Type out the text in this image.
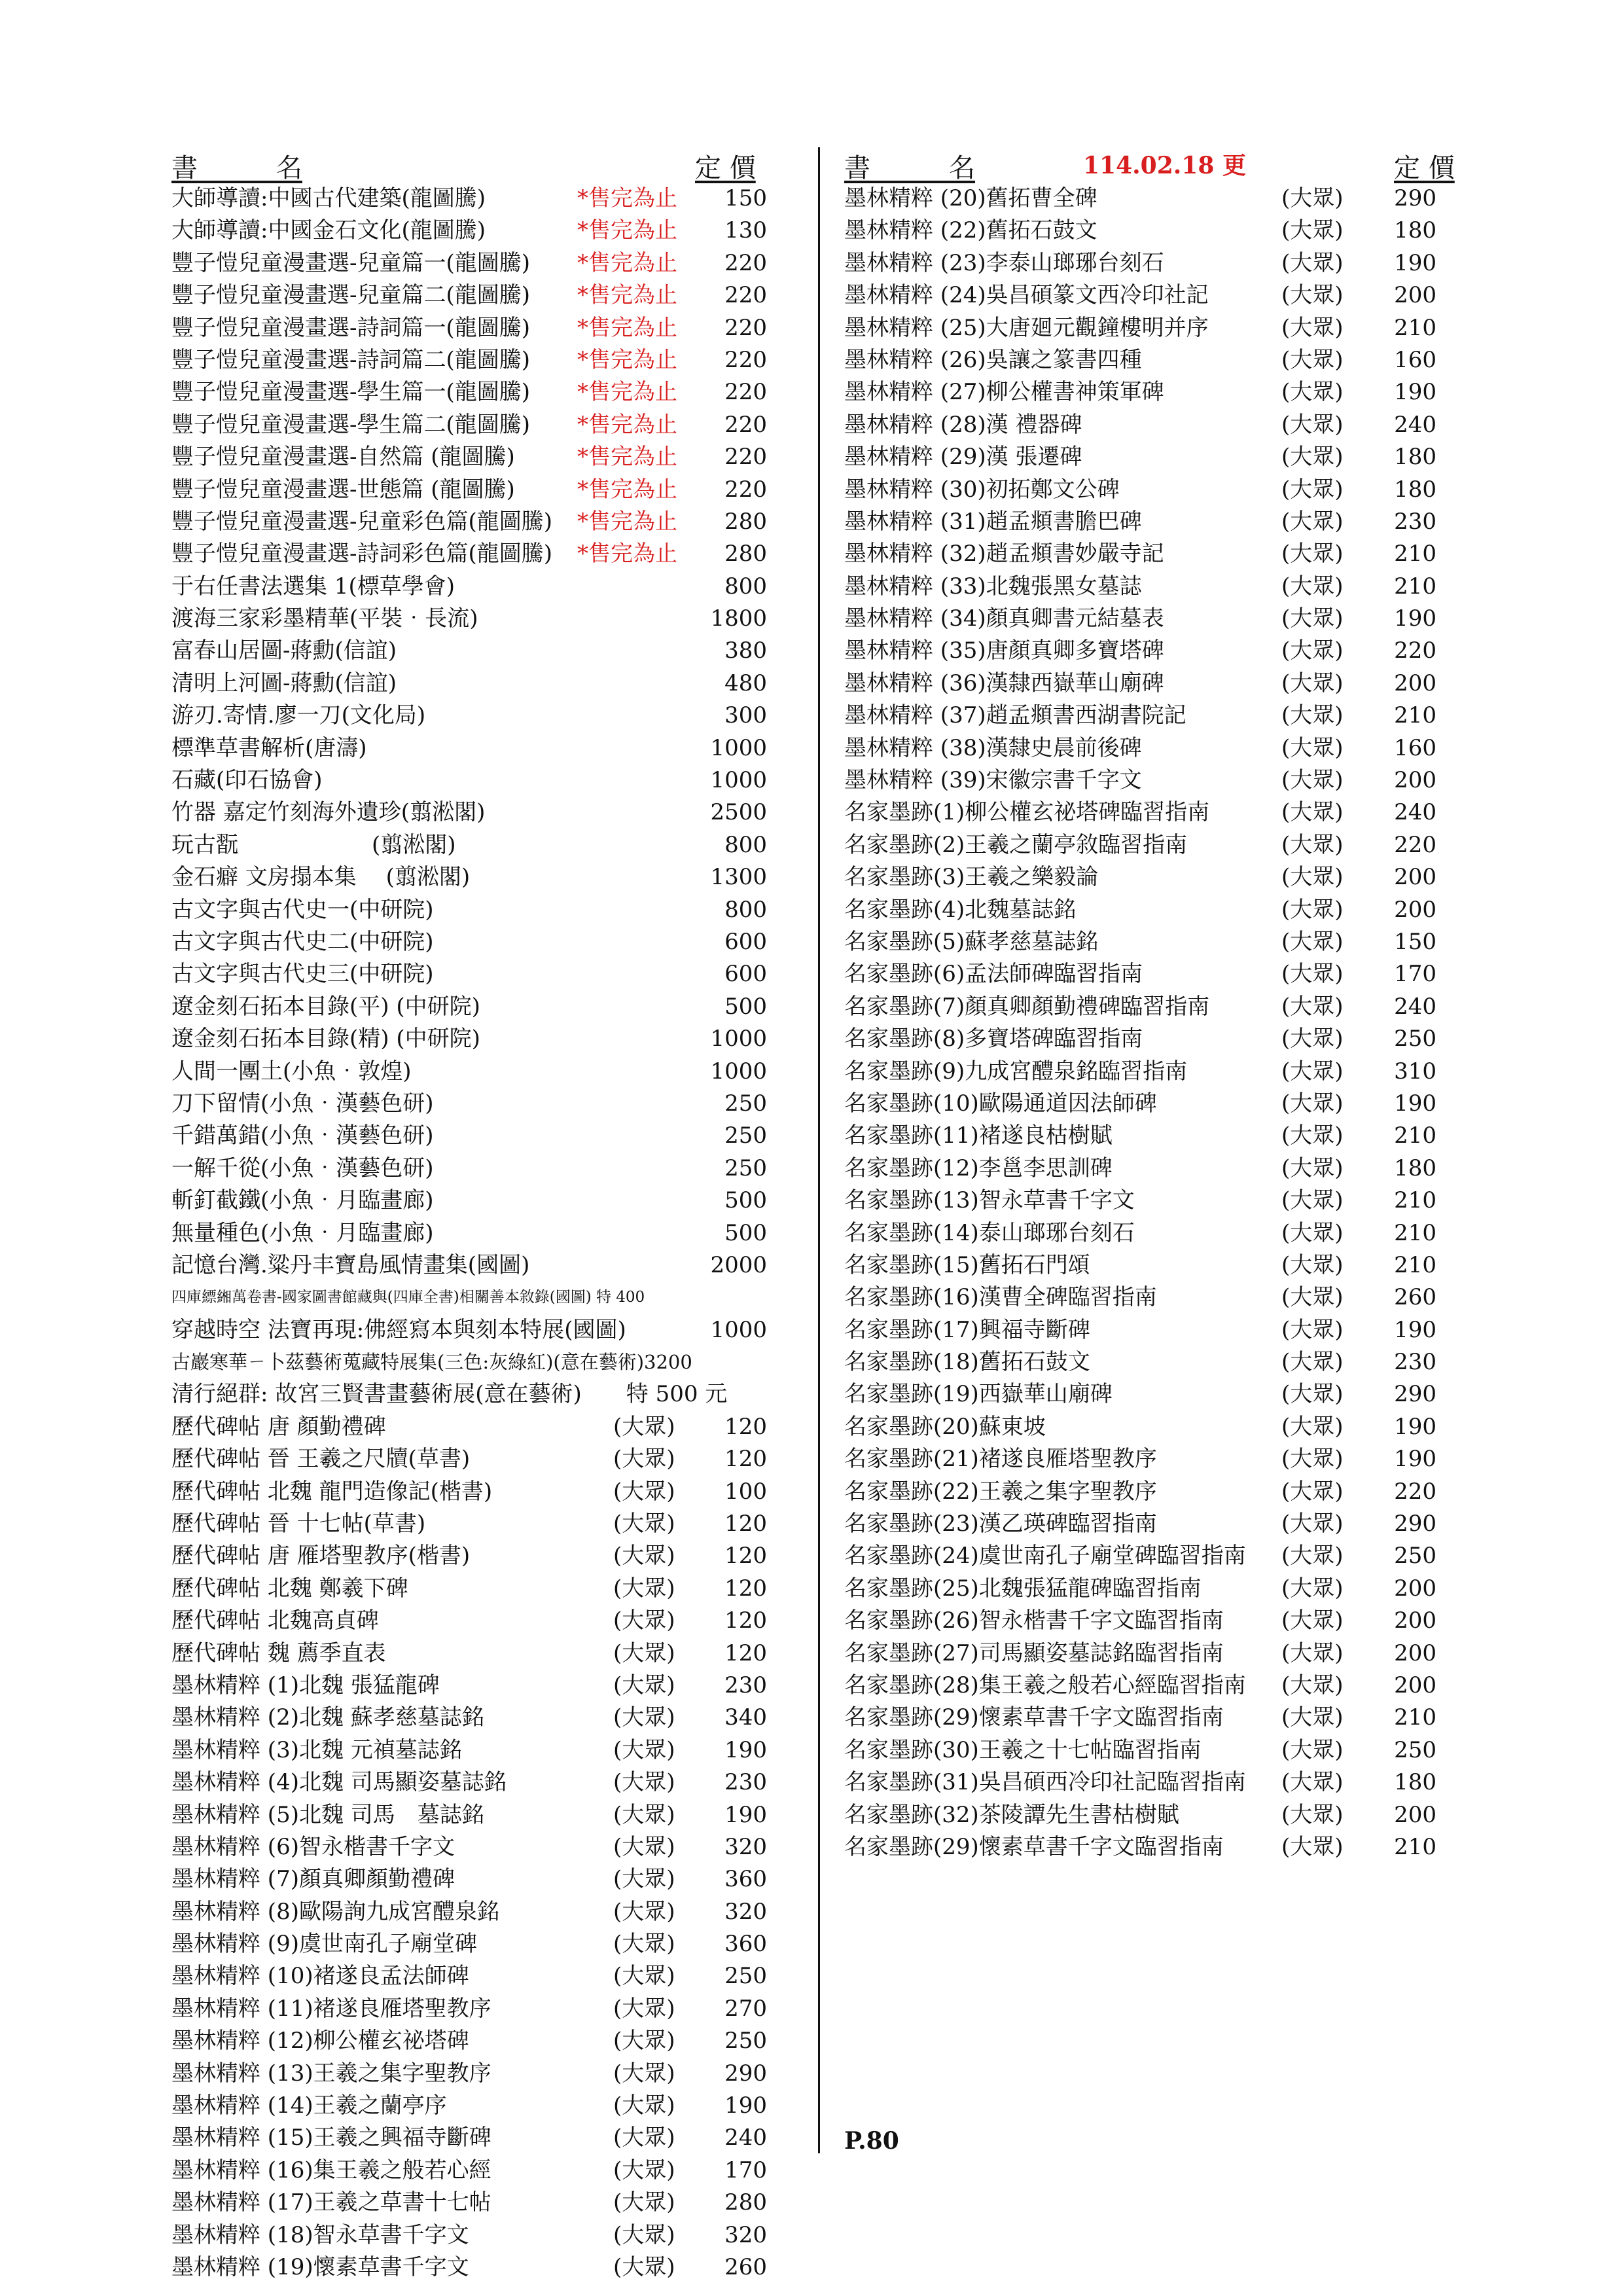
書　　　名	定 價
大師導讀:中國古代建築(龍圖騰)	*售完為止 150
大師導讀:中國金石文化(龍圖騰)	*售完為止 130
豐子愷兒童漫畫選-兒童篇一(龍圖騰) *售完為止 220
豐子愷兒童漫畫選-兒童篇二(龍圖騰) *售完為止 220
豐子愷兒童漫畫選-詩詞篇一(龍圖騰) *售完為止 220
豐子愷兒童漫畫選-詩詞篇二(龍圖騰) *售完為止 220
豐子愷兒童漫畫選-學生篇一(龍圖騰) *售完為止 220
豐子愷兒童漫畫選-學生篇二(龍圖騰) *售完為止 220
豐子愷兒童漫畫選-自然篇 (龍圖騰)	*售完為止 220
豐子愷兒童漫畫選-世態篇 (龍圖騰)	*售完為止 220
豐子愷兒童漫畫選-兒童彩色篇(龍圖騰) *售完為止 280
豐子愷兒童漫畫選-詩詞彩色篇(龍圖騰) *售完為止 280
于右任書法選集 1(標草學會)	800
渡海三家彩墨精華(平裝‧長流)	1800
富春山居圖-蔣勳(信誼)	380
清明上河圖-蔣勳(信誼)	480
游刃.寄情.廖一刀(文化局)	300
標準草書解析(唐濤)	1000
石藏(印石協會)	1000
竹器 嘉定竹刻海外遺珍(翦淞閣)	2500
玩古翫　　　　　　(翦淞閣)	800
金石癖 文房搨本集 　(翦淞閣)	1300
古文字與古代史一(中研院)	800
古文字與古代史二(中研院)	600
古文字與古代史三(中研院)	600
遼金刻石拓本目錄(平) (中研院)	500
遼金刻石拓本目錄(精) (中研院)	1000
人間一團土(小魚‧敦煌)	1000
刀下留情(小魚‧漢藝色研)	250
千錯萬錯(小魚‧漢藝色研)	250
一解千從(小魚‧漢藝色研)	250
斬釘截鐵(小魚‧月臨畫廊)	500
無量種色(小魚‧月臨畫廊)	500
記憶台灣.粱丹丰寶島風情畫集(國圖)	2000
四庫縹緗萬卷書-國家圖書館藏與(四庫全書)相關善本敘錄(國圖) 特 400
穿越時空 法寶再現:佛經寫本與刻本特展(國圖)	1000
古巖寒華ㄧ卜茲藝術蒐藏特展集(三色:灰綠紅)(意在藝術)3200
清行絕群: 故宮三賢書畫藝術展(意在藝術)　　特 500 元
歷代碑帖 唐 顏勤禮碑	(大眾) 120
歷代碑帖 晉 王羲之尺牘(草書)	(大眾) 120
歷代碑帖 北魏 龍門造像記(楷書)	(大眾) 100
歷代碑帖 晉 十七帖(草書)	(大眾) 120
歷代碑帖 唐 雁塔聖教序(楷書)	(大眾) 120
歷代碑帖 北魏 鄭羲下碑	(大眾) 120
歷代碑帖 北魏高貞碑	(大眾) 120
歷代碑帖 魏 薦季直表	(大眾) 120
墨林精粹 (1)北魏 張猛龍碑	(大眾) 230
墨林精粹 (2)北魏 蘇孝慈墓誌銘	(大眾) 340
墨林精粹 (3)北魏 元禎墓誌銘	(大眾) 190
墨林精粹 (4)北魏 司馬顯姿墓誌銘	(大眾) 230
墨林精粹 (5)北魏 司馬　墓誌銘	(大眾) 190
墨林精粹 (6)智永楷書千字文	(大眾) 320
墨林精粹 (7)顏真卿顏勤禮碑	(大眾) 360
墨林精粹 (8)歐陽詢九成宮醴泉銘	(大眾) 320
墨林精粹 (9)虞世南孔子廟堂碑	(大眾) 360
墨林精粹 (10)褚遂良孟法師碑	(大眾) 250
墨林精粹 (11)褚遂良雁塔聖教序	(大眾) 270
墨林精粹 (12)柳公權玄祕塔碑	(大眾) 250
墨林精粹 (13)王羲之集字聖教序	(大眾) 290
墨林精粹 (14)王羲之蘭亭序	(大眾) 190
墨林精粹 (15)王羲之興福寺斷碑	(大眾) 240
墨林精粹 (16)集王羲之般若心經	(大眾) 170
墨林精粹 (17)王羲之草書十七帖	(大眾) 280
墨林精粹 (18)智永草書千字文	(大眾) 320
墨林精粹 (19)懷素草書千字文	(大眾) 260
書　　　名	114.02.18 更	定 價
墨林精粹 (20)舊拓曹全碑	(大眾) 290
墨林精粹 (22)舊拓石鼓文	(大眾) 180
墨林精粹 (23)李泰山瑯琊台刻石	(大眾) 190
墨林精粹 (24)吳昌碩篆文西冷印社記	(大眾) 200
墨林精粹 (25)大唐廻元觀鐘樓明并序	(大眾) 210
墨林精粹 (26)吳讓之篆書四種	(大眾) 160
墨林精粹 (27)柳公權書神策軍碑	(大眾) 190
墨林精粹 (28)漢 禮器碑	(大眾) 240
墨林精粹 (29)漢 張遷碑	(大眾) 180
墨林精粹 (30)初拓鄭文公碑	(大眾) 180
墨林精粹 (31)趙孟頫書膽巴碑	(大眾) 230
墨林精粹 (32)趙孟頫書妙嚴寺記	(大眾) 210
墨林精粹 (33)北魏張黑女墓誌	(大眾) 210
墨林精粹 (34)顏真卿書元結墓表	(大眾) 190
墨林精粹 (35)唐顏真卿多寶塔碑	(大眾) 220
墨林精粹 (36)漢隸西嶽華山廟碑	(大眾) 200
墨林精粹 (37)趙孟頫書西湖書院記	(大眾) 210
墨林精粹 (38)漢隸史晨前後碑	(大眾) 160
墨林精粹 (39)宋徽宗書千字文	(大眾) 200
名家墨跡(1)柳公權玄祕塔碑臨習指南	(大眾) 240
名家墨跡(2)王羲之蘭亭敘臨習指南	(大眾) 220
名家墨跡(3)王羲之樂毅論	(大眾) 200
名家墨跡(4)北魏墓誌銘	(大眾) 200
名家墨跡(5)蘇孝慈墓誌銘	(大眾) 150
名家墨跡(6)孟法師碑臨習指南	(大眾) 170
名家墨跡(7)顏真卿顏勤禮碑臨習指南	(大眾) 240
名家墨跡(8)多寶塔碑臨習指南	(大眾) 250
名家墨跡(9)九成宮醴泉銘臨習指南	(大眾) 310
名家墨跡(10)歐陽通道因法師碑	(大眾) 190
名家墨跡(11)褚遂良枯樹賦	(大眾) 210
名家墨跡(12)李邕李思訓碑	(大眾) 180
名家墨跡(13)智永草書千字文	(大眾) 210
名家墨跡(14)泰山瑯琊台刻石	(大眾) 210
名家墨跡(15)舊拓石門頌	(大眾) 210
名家墨跡(16)漢曹全碑臨習指南	(大眾) 260
名家墨跡(17)興福寺斷碑	(大眾) 190
名家墨跡(18)舊拓石鼓文	(大眾) 230
名家墨跡(19)西嶽華山廟碑	(大眾) 290
名家墨跡(20)蘇東坡	(大眾) 190
名家墨跡(21)褚遂良雁塔聖教序	(大眾) 190
名家墨跡(22)王羲之集字聖教序	(大眾) 220
名家墨跡(23)漢乙瑛碑臨習指南	(大眾) 290
名家墨跡(24)虞世南孔子廟堂碑臨習指南 (大眾) 250
名家墨跡(25)北魏張猛龍碑臨習指南	(大眾) 200
名家墨跡(26)智永楷書千字文臨習指南	(大眾) 200
名家墨跡(27)司馬顯姿墓誌銘臨習指南	(大眾) 200
名家墨跡(28)集王羲之般若心經臨習指南 (大眾) 200
名家墨跡(29)懷素草書千字文臨習指南	(大眾) 210
名家墨跡(30)王羲之十七帖臨習指南	(大眾) 250
名家墨跡(31)吳昌碩西冷印社記臨習指南 (大眾) 180
名家墨跡(32)茶陵譚先生書枯樹賦	(大眾) 200
名家墨跡(29)懷素草書千字文臨習指南	(大眾) 210
P.80
